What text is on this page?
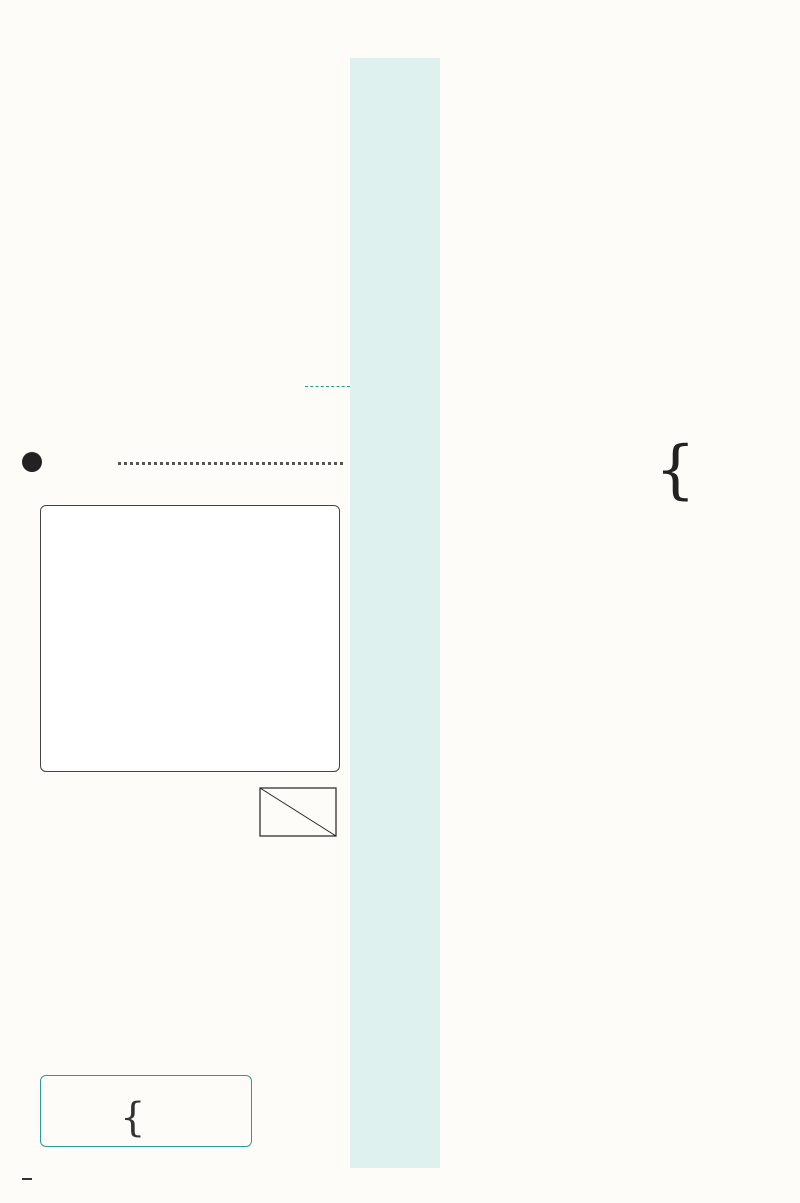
{
{
